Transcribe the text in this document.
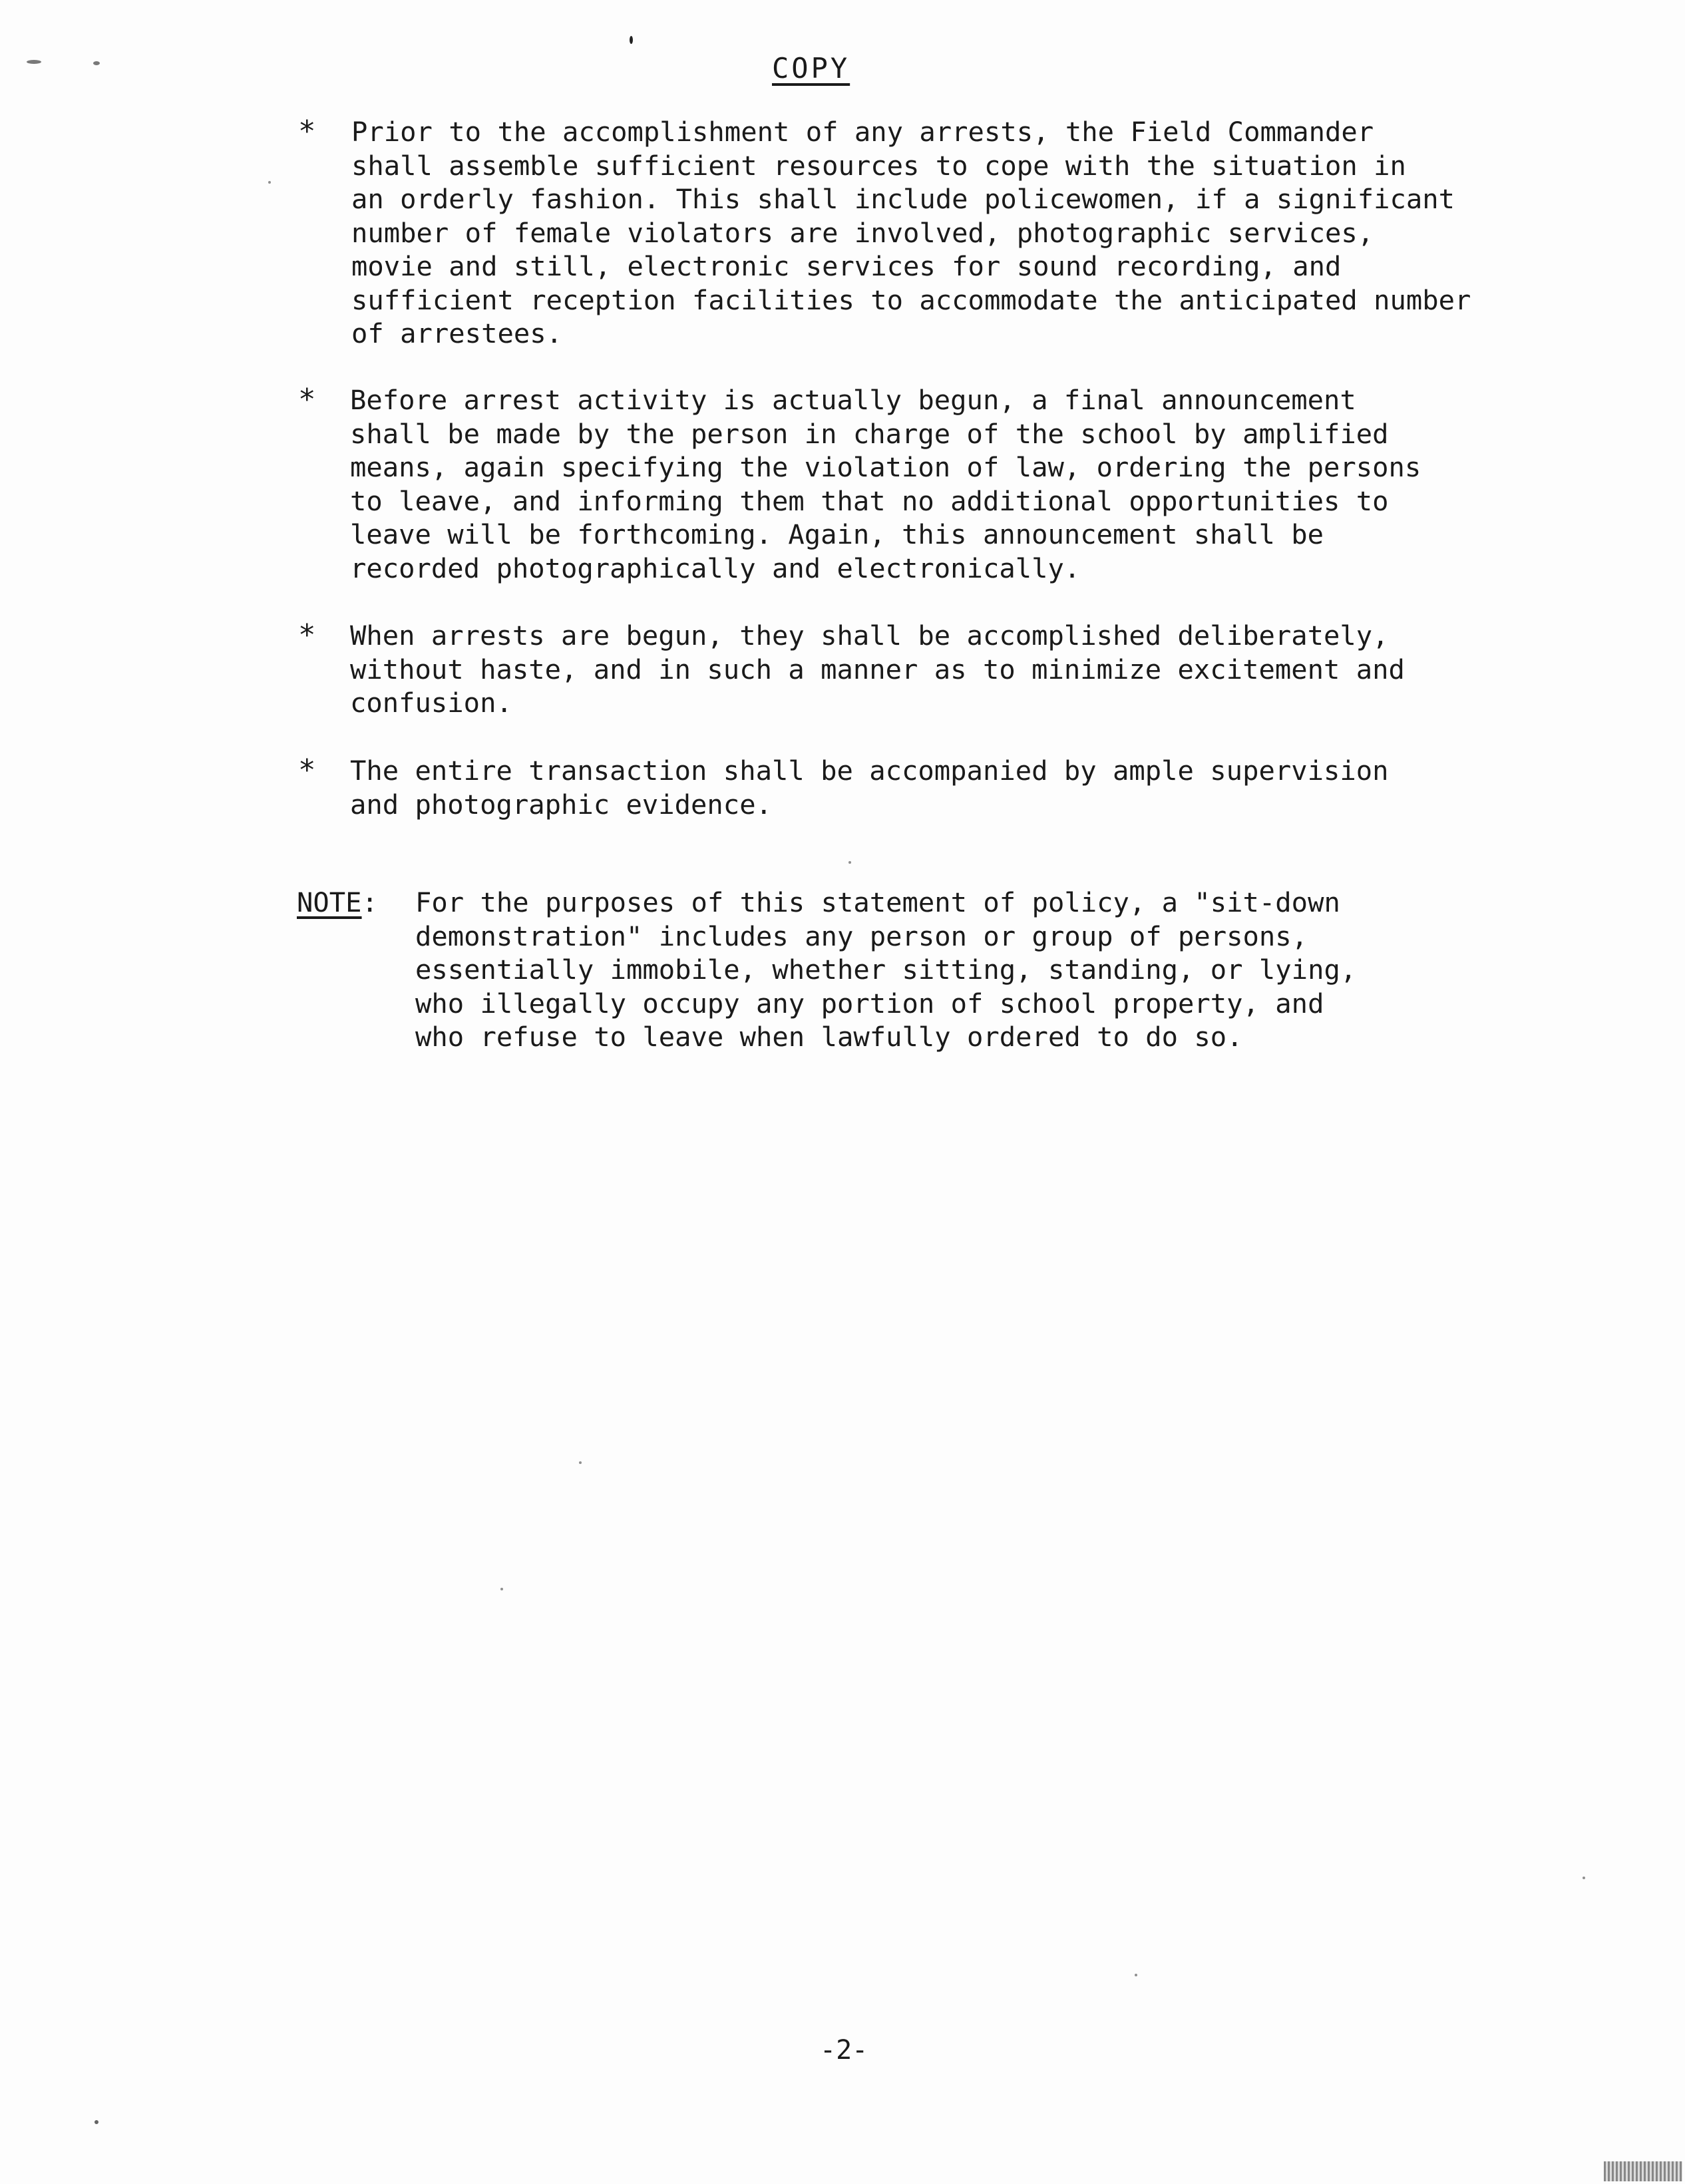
COPY
* Prior to the accomplishment of any arrests, the Field Commander
shall assemble sufficient resources to cope with the situation in
an orderly fashion. This shall include policewomen, if a significant
number of female violators are involved, photographic services,
movie and still, electronic services for sound recording, and
sufficient reception facilities to accommodate the anticipated number
of arrestees.
* Before arrest activity is actually begun, a final announcement
shall be made by the person in charge of the school by amplified
means, again specifying the violation of law, ordering the persons
to leave, and informing them that no additional opportunities to
leave will be forthcoming. Again, this announcement shall be
recorded photographically and electronically.
* When arrests are begun, they shall be accomplished deliberately,
without haste, and in such a manner as to minimize excitement and
confusion.
* The entire transaction shall be accompanied by ample supervision
and photographic evidence.
NOTE: For the purposes of this statement of policy, a "sit-down
demonstration" includes any person or group of persons,
essentially immobile, whether sitting, standing, or lying,
who illegally occupy any portion of school property, and
who refuse to leave when lawfully ordered to do so.
-2-
